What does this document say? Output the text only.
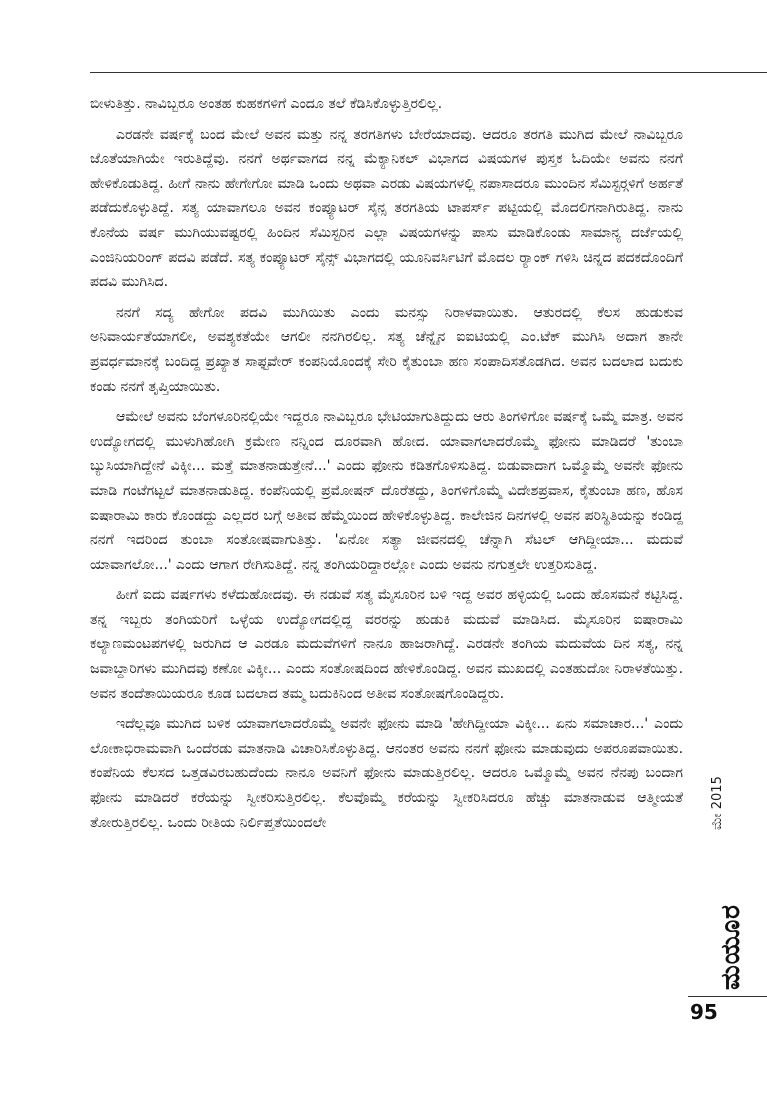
ಬೀಳುತಿತ್ತು. ನಾವಿಬ್ಬರೂ ಅಂತಹ ಕುಹಕಗಳಿಗೆ ಎಂದೂ ತಲೆ ಕೆಡಿಸಿಕೊಳ್ಳುತ್ತಿರಲಿಲ್ಲ.

ಎರಡನೇ ವರ್ಷಕ್ಕೆ ಬಂದ ಮೇಲೆ ಅವನ ಮತ್ತು ನನ್ನ ತರಗತಿಗಳು ಬೇರೆಯಾದವು. ಆದರೂ ತರಗತಿ ಮುಗಿದ ಮೇಲೆ ನಾವಿಬ್ಬರೂ ಜೊತೆಯಾಗಿಯೇ ಇರುತಿದ್ದೆವು. ನನಗೆ ಅರ್ಥವಾಗದ ನನ್ನ ಮೆಕ್ಯಾನಿಕಲ್ ವಿಭಾಗದ ವಿಷಯಗಳ ಪುಸ್ತಕ ಓದಿಯೇ ಅವನು ನನಗೆ ಹೇಳಿಕೊಡುತಿದ್ದ. ಹೀಗೆ ನಾನು ಹೇಗೇಗೋ ಮಾಡಿ ಒಂದು ಅಥವಾ ಎರಡು ವಿಷಯಗಳಲ್ಲಿ ನಪಾಸಾದರೂ ಮುಂದಿನ ಸೆಮಿಸ್ಟರ‍್ಗಳಿಗೆ ಅರ್ಹತೆ ಪಡೆದುಕೊಳ್ಳುತಿದ್ದೆ. ಸತ್ಯ ಯಾವಾಗಲೂ ಅವನ ಕಂಪ್ಯೂಟರ್ ಸೈನ್ಸ ತರಗತಿಯ ಟಾಪರ್ಸ್ ಪಟ್ಟಿಯಲ್ಲಿ ಮೊದಲಿಗನಾಗಿರುತಿದ್ದ. ನಾನು ಕೊನೆಯ ವರ್ಷ ಮುಗಿಯುವಷ್ಟರಲ್ಲಿ ಹಿಂದಿನ ಸೆಮಿಸ್ಟರಿನ ಎಲ್ಲಾ ವಿಷಯಗಳನ್ನು ಪಾಸು ಮಾಡಿಕೊಂಡು ಸಾಮಾನ್ಯ ದರ್ಜೆಯಲ್ಲಿ ಎಂಜಿನಿಯರಿಂಗ್ ಪದವಿ ಪಡೆದೆ. ಸತ್ಯ ಕಂಪ್ಯೂಟರ್ ಸೈನ್ಸ್ ವಿಭಾಗದಲ್ಲಿ ಯೂನಿವರ್ಸಿಟಿಗೆ ಮೊದಲ ರ‍್ಯಾಂಕ್ ಗಳಿಸಿ ಚಿನ್ನದ ಪದಕದೊಂದಿಗೆ ಪದವಿ ಮುಗಿಸಿದ.

ನನಗೆ ಸದ್ಯ ಹೇಗೋ ಪದವಿ ಮುಗಿಯಿತು ಎಂದು ಮನಸ್ಸು ನಿರಾಳವಾಯಿತು. ಆತುರದಲ್ಲಿ ಕೆಲಸ ಹುಡುಕುವ ಅನಿವಾರ್ಯತೆಯಾಗಲೀ, ಅವಶ್ಯಕತೆಯೇ ಆಗಲೀ ನನಗಿರಲಿಲ್ಲ. ಸತ್ಯ ಚೆನ್ನೈನ ಐಐಟಿಯಲ್ಲಿ ಎಂ.ಟೆಕ್ ಮುಗಿಸಿ ಅದಾಗ ತಾನೇ ಪ್ರವರ್ಧಮಾನಕ್ಕೆ ಬಂದಿದ್ದ ಪ್ರಖ್ಯಾತ ಸಾಫ್ಟವೇರ್ ಕಂಪನಿಯೊಂದಕ್ಕೆ ಸೇರಿ ಕೈತುಂಬಾ ಹಣ ಸಂಪಾದಿಸತೊಡಗಿದ. ಅವನ ಬದಲಾದ ಬದುಕು ಕಂಡು ನನಗೆ ತೃಪ್ತಿಯಾಯಿತು.

ಆಮೇಲೆ ಅವನು ಬೆಂಗಳೂರಿನಲ್ಲಿಯೇ ಇದ್ದರೂ ನಾವಿಬ್ಬರೂ ಭೇಟಿಯಾಗುತಿದ್ದುದು ಆರು ತಿಂಗಳಿಗೋ ವರ್ಷಕ್ಕೆ ಒಮ್ಮೆ ಮಾತ್ರ. ಅವನ ಉದ್ಯೋಗದಲ್ಲಿ ಮುಳುಗಿಹೋಗಿ ಕ್ರಮೇಣ ನನ್ನಿಂದ ದೂರವಾಗಿ ಹೋದ. ಯಾವಾಗಲಾದರೊಮ್ಮೆ ಫೋನು ಮಾಡಿದರೆ 'ತುಂಬಾ ಬ್ಯುಸಿಯಾಗಿದ್ದೇನೆ ವಿಕ್ಕೀ... ಮತ್ತೆ ಮಾತನಾಡುತ್ತೇನೆ...' ಎಂದು ಫೋನು ಕಡಿತಗೊಳಿಸುತಿದ್ದ. ಬಿಡುವಾದಾಗ ಒಮ್ಮೊಮ್ಮೆ ಅವನೇ ಫೋನು ಮಾಡಿ ಗಂಟೆಗಟ್ಟಲೆ ಮಾತನಾಡುತಿದ್ದ. ಕಂಪೆನಿಯಲ್ಲಿ ಪ್ರಮೋಷನ್ ದೊರೆತದ್ದು, ತಿಂಗಳಿಗೊಮ್ಮೆ ವಿದೇಶಪ್ರವಾಸ, ಕೈತುಂಬಾ ಹಣ, ಹೊಸ ಐಷಾರಾಮಿ ಕಾರು ಕೊಂಡದ್ದು ಎಲ್ಲದರ ಬಗ್ಗೆ ಅತೀವ ಹೆಮ್ಮೆಯಿಂದ ಹೇಳಿಕೊಳ್ಳುತಿದ್ದ. ಕಾಲೇಜಿನ ದಿನಗಳಲ್ಲಿ ಅವನ ಪರಿಸ್ಥಿತಿಯನ್ನು ಕಂಡಿದ್ದ ನನಗೆ ಇದರಿಂದ ತುಂಬಾ ಸಂತೋಷವಾಗುತಿತ್ತು. 'ಏನೋ ಸತ್ಯಾ ಜೀವನದಲ್ಲಿ ಚೆನ್ನಾಗಿ ಸೆಟಲ್ ಆಗಿದ್ದೀಯಾ... ಮದುವೆ ಯಾವಾಗಲೋ...' ಎಂದು ಆಗಾಗ ರೇಗಿಸುತಿದ್ದೆ. ನನ್ನ ತಂಗಿಯರಿದ್ದಾರಲ್ಲೋ ಎಂದು ಅವನು ನಗುತ್ತಲೇ ಉತ್ತರಿಸುತಿದ್ದ.

ಹೀಗೆ ಐದು ವರ್ಷಗಳು ಕಳೆದುಹೋದವು. ಈ ನಡುವೆ ಸತ್ಯ ಮೈಸೂರಿನ ಬಳಿ ಇದ್ದ ಅವರ ಹಳ್ಳಿಯಲ್ಲಿ ಒಂದು ಹೊಸಮನೆ ಕಟ್ಟಿಸಿದ್ದ. ತನ್ನ ಇಬ್ಬರು ತಂಗಿಯರಿಗೆ ಒಳ್ಳೆಯ ಉದ್ಯೋಗದಲ್ಲಿದ್ದ ವರರನ್ನು ಹುಡುಕಿ ಮದುವೆ ಮಾಡಿಸಿದ. ಮೈಸೂರಿನ ಐಷಾರಾಮಿ ಕಲ್ಯಾಣಮಂಟಪಗಳಲ್ಲಿ ಜರುಗಿದ ಆ ಎರಡೂ ಮದುವೆಗಳಿಗೆ ನಾನೂ ಹಾಜರಾಗಿದ್ದೆ. ಎರಡನೇ ತಂಗಿಯ ಮದುವೆಯ ದಿನ ಸತ್ಯ, ನನ್ನ ಜವಾಬ್ದಾರಿಗಳು ಮುಗಿದವು ಕಣೋ ವಿಕ್ಕೀ... ಎಂದು ಸಂತೋಷದಿಂದ ಹೇಳಿಕೊಂಡಿದ್ದ. ಅವನ ಮುಖದಲ್ಲಿ ಎಂತಹುದೋ ನಿರಾಳತೆಯಿತ್ತು. ಅವನ ತಂದೆತಾಯಿಯರೂ ಕೂಡ ಬದಲಾದ ತಮ್ಮ ಬದುಕಿನಿಂದ ಅತೀವ ಸಂತೋಷಗೊಂಡಿದ್ದರು.

ಇದೆಲ್ಲವೂ ಮುಗಿದ ಬಳಿಕ ಯಾವಾಗಲಾದರೊಮ್ಮೆ ಅವನೇ ಫೋನು ಮಾಡಿ 'ಹೇಗಿದ್ದೀಯಾ ವಿಕ್ಕೀ... ಏನು ಸಮಾಚಾರ...' ಎಂದು ಲೋಕಾಭಿರಾಮವಾಗಿ ಒಂದೆರಡು ಮಾತನಾಡಿ ವಿಚಾರಿಸಿಕೊಳ್ಳುತಿದ್ದ. ಆನಂತರ ಅವನು ನನಗೆ ಫೋನು ಮಾಡುವುದು ಅಪರೂಪವಾಯಿತು. ಕಂಪೆನಿಯ ಕೆಲಸದ ಒತ್ತಡವಿರಬಹುದೆಂದು ನಾನೂ ಅವನಿಗೆ ಫೋನು ಮಾಡುತ್ತಿರಲಿಲ್ಲ. ಆದರೂ ಒಮ್ಮೊಮ್ಮೆ ಅವನ ನೆನಪು ಬಂದಾಗ ಫೋನು ಮಾಡಿದರೆ ಕರೆಯನ್ನು ಸ್ವೀಕರಿಸುತ್ತಿರಲಿಲ್ಲ. ಕೆಲವೊಮ್ಮೆ ಕರೆಯನ್ನು ಸ್ವೀಕರಿಸಿದರೂ ಹೆಚ್ಚು ಮಾತನಾಡುವ ಆತ್ಮೀಯತೆ ತೋರುತ್ತಿರಲಿಲ್ಲ. ಒಂದು ರೀತಿಯ ನಿರ್ಲಿಪ್ತತೆಯಿಂದಲೇ

ಮಯೂರ
ಮೇ 2015
95
